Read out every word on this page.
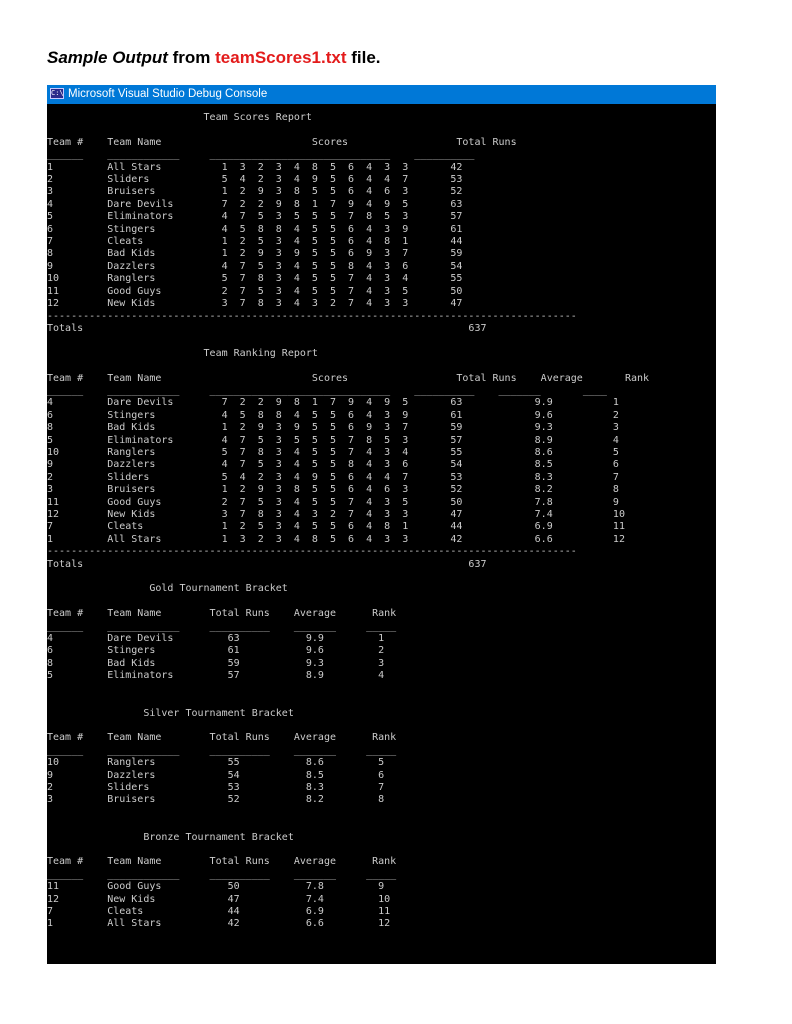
Sample Output from teamScores1.txt file.
C:\ Microsoft Visual Studio Debug Console
Team Scores Report

Team #    Team Name                         Scores                  Total Runs
______    ____________     ______________________________    __________
1         All Stars          1  3  2  3  4  8  5  6  4  3  3       42
2         Sliders            5  4  2  3  4  9  5  6  4  4  7       53
3         Bruisers           1  2  9  3  8  5  5  6  4  6  3       52
4         Dare Devils        7  2  2  9  8  1  7  9  4  9  5       63
5         Eliminators        4  7  5  3  5  5  5  7  8  5  3       57
6         Stingers           4  5  8  8  4  5  5  6  4  3  9       61
7         Cleats             1  2  5  3  4  5  5  6  4  8  1       44
8         Bad Kids           1  2  9  3  9  5  5  6  9  3  7       59
9         Dazzlers           4  7  5  3  4  5  5  8  4  3  6       54
10        Ranglers           5  7  8  3  4  5  5  7  4  3  4       55
11        Good Guys          2  7  5  3  4  5  5  7  4  3  5       50
12        New Kids           3  7  8  3  4  3  2  7  4  3  3       47
----------------------------------------------------------------------------------------
Totals                                                                637

Team Ranking Report

Team #    Team Name                         Scores                  Total Runs    Average       Rank
______    ____________     ______________________________    __________    _______       ____
4         Dare Devils        7  2  2  9  8  1  7  9  4  9  5       63            9.9          1
6         Stingers           4  5  8  8  4  5  5  6  4  3  9       61            9.6          2
8         Bad Kids           1  2  9  3  9  5  5  6  9  3  7       59            9.3          3
5         Eliminators        4  7  5  3  5  5  5  7  8  5  3       57            8.9          4
10        Ranglers           5  7  8  3  4  5  5  7  4  3  4       55            8.6          5
9         Dazzlers           4  7  5  3  4  5  5  8  4  3  6       54            8.5          6
2         Sliders            5  4  2  3  4  9  5  6  4  4  7       53            8.3          7
3         Bruisers           1  2  9  3  8  5  5  6  4  6  3       52            8.2          8
11        Good Guys          2  7  5  3  4  5  5  7  4  3  5       50            7.8          9
12        New Kids           3  7  8  3  4  3  2  7  4  3  3       47            7.4          10
7         Cleats             1  2  5  3  4  5  5  6  4  8  1       44            6.9          11
1         All Stars          1  3  2  3  4  8  5  6  4  3  3       42            6.6          12
----------------------------------------------------------------------------------------
Totals                                                                637

Gold Tournament Bracket

Team #    Team Name        Total Runs    Average      Rank
______    ____________     __________    _______     _____
4         Dare Devils         63           9.9         1
6         Stingers            61           9.6         2
8         Bad Kids            59           9.3         3
5         Eliminators         57           8.9         4

Silver Tournament Bracket

Team #    Team Name        Total Runs    Average      Rank
______    ____________     __________    _______     _____
10        Ranglers            55           8.6         5
9         Dazzlers            54           8.5         6
2         Sliders             53           8.3         7
3         Bruisers            52           8.2         8

Bronze Tournament Bracket

Team #    Team Name        Total Runs    Average      Rank
______    ____________     __________    _______     _____
11        Good Guys           50           7.8         9
12        New Kids            47           7.4         10
7         Cleats              44           6.9         11
1         All Stars           42           6.6         12
